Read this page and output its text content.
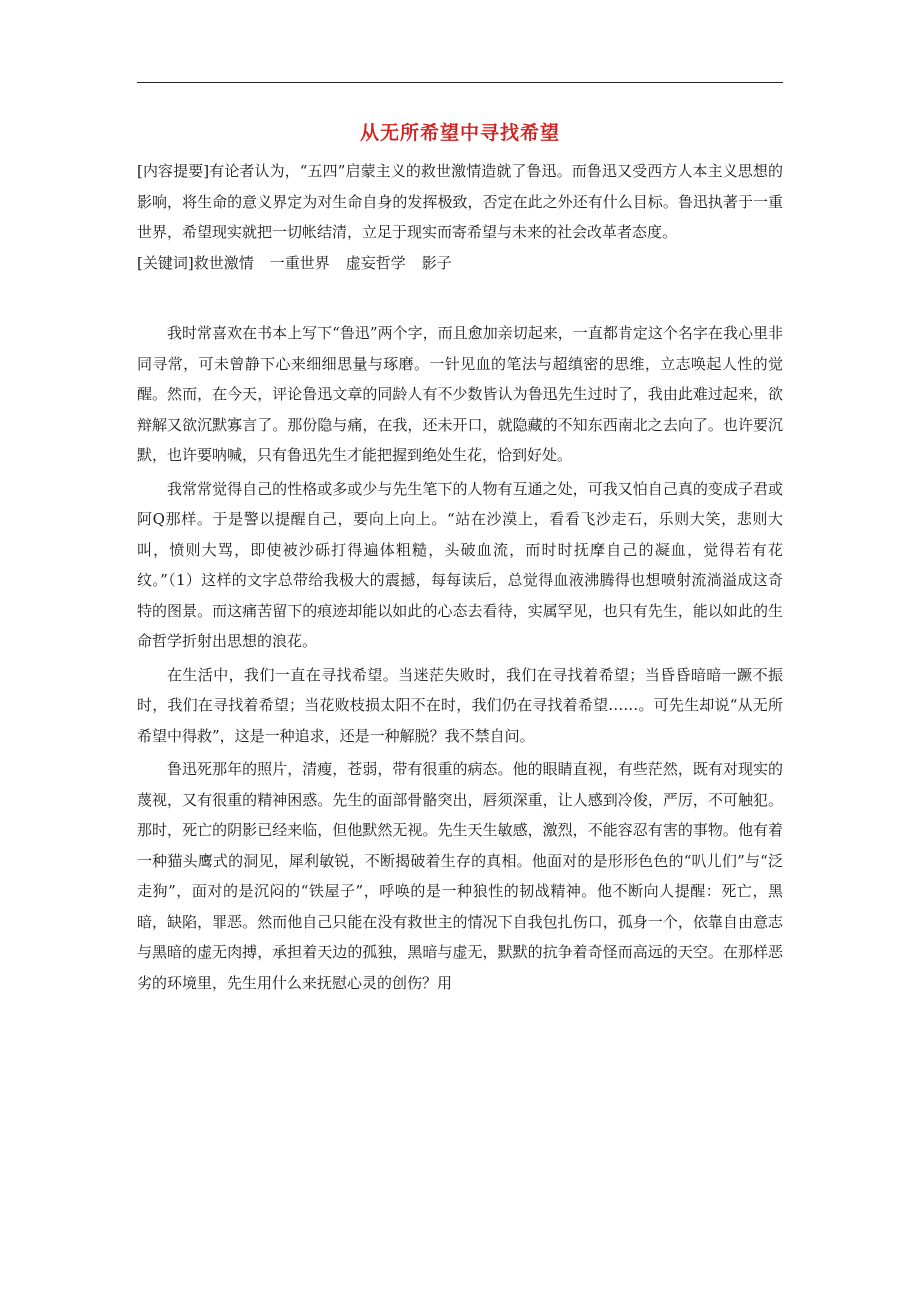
从无所希望中寻找希望

[内容提要]有论者认为，“五四”启蒙主义的救世激情造就了鲁迅。而鲁迅又受西方人本主义思想的影响，将生命的意义界定为对生命自身的发挥极致，否定在此之外还有什么目标。鲁迅执著于一重世界，希望现实就把一切帐结清，立足于现实而寄希望与未来的社会改革者态度。

[关键词]救世激情 一重世界 虚妄哲学 影子

我时常喜欢在书本上写下“鲁迅”两个字，而且愈加亲切起来，一直都肯定这个名字在我心里非同寻常，可未曾静下心来细细思量与琢磨。一针见血的笔法与超缜密的思维，立志唤起人性的觉醒。然而，在今天，评论鲁迅文章的同龄人有不少数皆认为鲁迅先生过时了，我由此难过起来，欲辩解又欲沉默寡言了。那份隐与痛，在我，还未开口，就隐藏的不知东西南北之去向了。也许要沉默，也许要呐喊，只有鲁迅先生才能把握到绝处生花，恰到好处。

我常常觉得自己的性格或多或少与先生笔下的人物有互通之处，可我又怕自己真的变成子君或阿Q那样。于是警以提醒自己，要向上向上。“站在沙漠上，看看飞沙走石，乐则大笑，悲则大叫，愤则大骂，即使被沙砾打得遍体粗糙，头破血流，而时时抚摩自己的凝血，觉得若有花纹。”（1）这样的文字总带给我极大的震撼，每每读后，总觉得血液沸腾得也想喷射流淌溢成这奇特的图景。而这痛苦留下的痕迹却能以如此的心态去看待，实属罕见，也只有先生，能以如此的生命哲学折射出思想的浪花。

在生活中，我们一直在寻找希望。当迷茫失败时，我们在寻找着希望；当昏昏暗暗一蹶不振时，我们在寻找着希望；当花败枝损太阳不在时，我们仍在寻找着希望……。可先生却说“从无所希望中得救”，这是一种追求，还是一种解脱？我不禁自问。

鲁迅死那年的照片，清瘦，苍弱，带有很重的病态。他的眼睛直视，有些茫然，既有对现实的蔑视，又有很重的精神困惑。先生的面部骨骼突出，唇须深重，让人感到冷俊，严厉，不可触犯。那时，死亡的阴影已经来临，但他默然无视。先生天生敏感，激烈，不能容忍有害的事物。他有着一种猫头鹰式的洞见，犀利敏锐，不断揭破着生存的真相。他面对的是形形色色的“叭儿们”与“泛走狗”，面对的是沉闷的“铁屋子”，呼唤的是一种狼性的韧战精神。他不断向人提醒：死亡，黑暗，缺陷，罪恶。然而他自己只能在没有救世主的情况下自我包扎伤口，孤身一个，依靠自由意志与黑暗的虚无肉搏，承担着天边的孤独，黑暗与虚无，默默的抗争着奇怪而高远的天空。在那样恶劣的环境里，先生用什么来抚慰心灵的创伤？用
